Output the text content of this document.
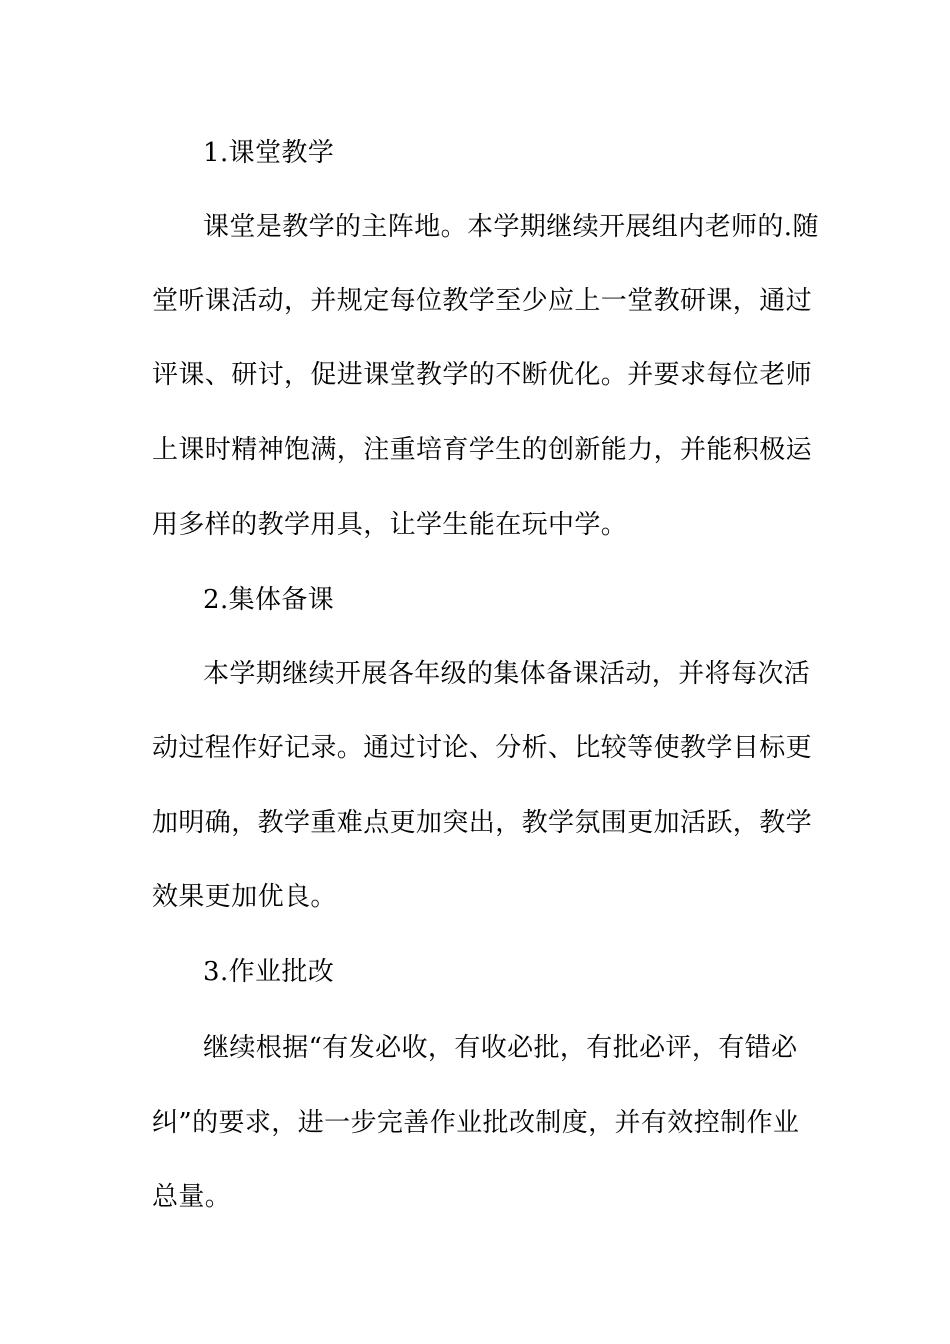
1.课堂教学
课堂是教学的主阵地。本学期继续开展组内老师的.随
堂听课活动，并规定每位教学至少应上一堂教研课，通过
评课、研讨，促进课堂教学的不断优化。并要求每位老师
上课时精神饱满，注重培育学生的创新能力，并能积极运
用多样的教学用具，让学生能在玩中学。
2.集体备课
本学期继续开展各年级的集体备课活动，并将每次活
动过程作好记录。通过讨论、分析、比较等使教学目标更
加明确，教学重难点更加突出，教学氛围更加活跃，教学
效果更加优良。
3.作业批改
继续根据“有发必收，有收必批，有批必评，有错必
纠”的要求，进一步完善作业批改制度，并有效控制作业
总量。
